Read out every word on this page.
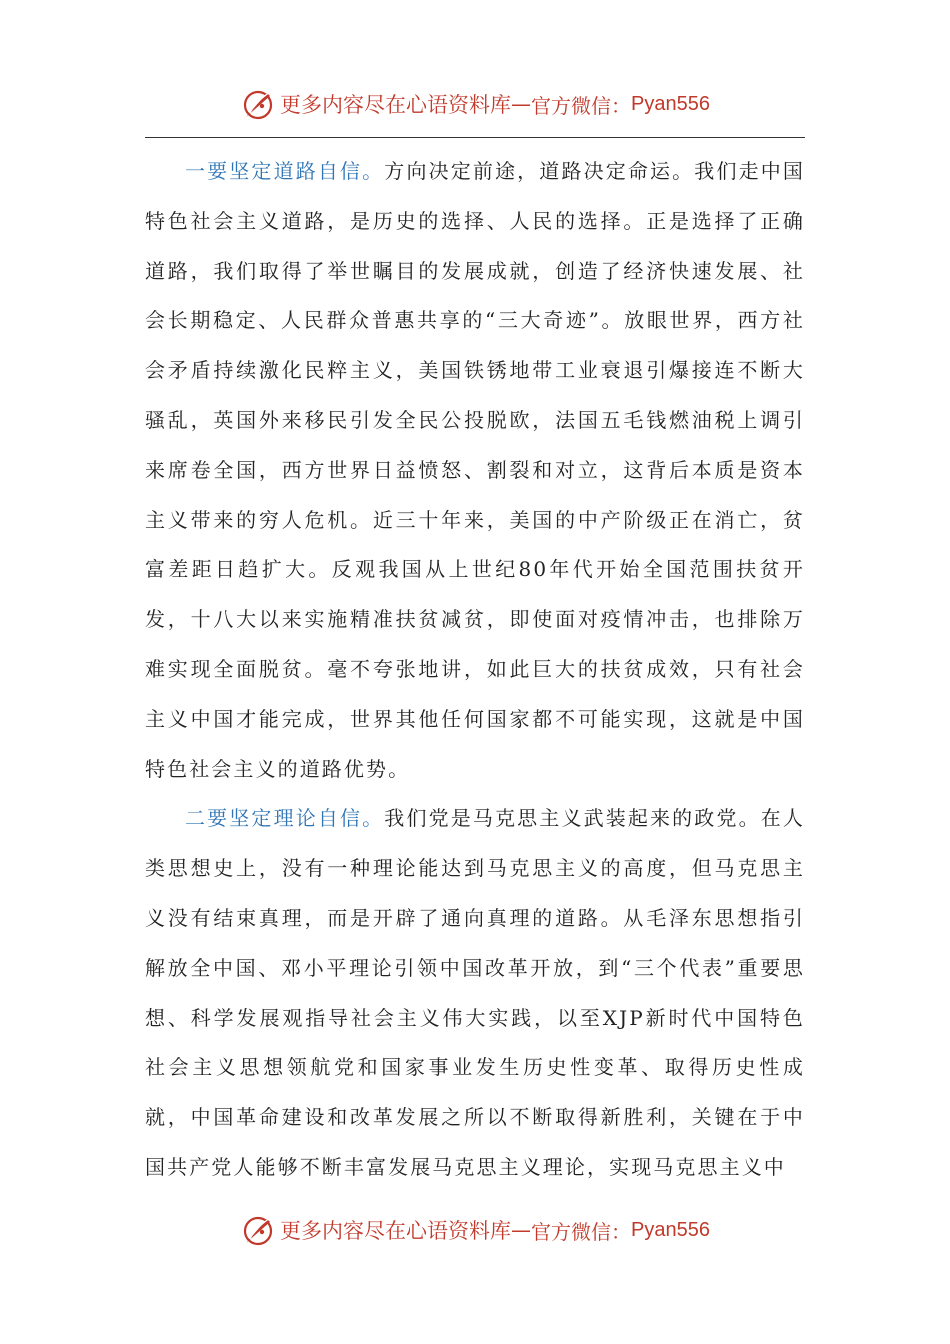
更多内容尽在心语资料库 — 官方微信： Pyan556

一要坚定道路自信。方向决定前途，道路决定命运。我们走中国特色社会主义道路，是历史的选择、人民的选择。正是选择了正确道路，我们取得了举世瞩目的发展成就，创造了经济快速发展、社会长期稳定、人民群众普惠共享的“三大奇迹”。放眼世界，西方社会矛盾持续激化民粹主义，美国铁锈地带工业衰退引爆接连不断大骚乱，英国外来移民引发全民公投脱欧，法国五毛钱燃油税上调引来席卷全国，西方世界日益愤怒、割裂和对立，这背后本质是资本主义带来的穷人危机。近三十年来，美国的中产阶级正在消亡，贫富差距日趋扩大。反观我国从上世纪80年代开始全国范围扶贫开发，十八大以来实施精准扶贫减贫，即使面对疫情冲击，也排除万难实现全面脱贫。毫不夸张地讲，如此巨大的扶贫成效，只有社会主义中国才能完成，世界其他任何国家都不可能实现，这就是中国特色社会主义的道路优势。

二要坚定理论自信。我们党是马克思主义武装起来的政党。在人类思想史上，没有一种理论能达到马克思主义的高度，但马克思主义没有结束真理，而是开辟了通向真理的道路。从毛泽东思想指引解放全中国、邓小平理论引领中国改革开放，到“三个代表”重要思想、科学发展观指导社会主义伟大实践，以至XJP新时代中国特色社会主义思想领航党和国家事业发生历史性变革、取得历史性成就，中国革命建设和改革发展之所以不断取得新胜利，关键在于中国共产党人能够不断丰富发展马克思主义理论，实现马克思主义中

更多内容尽在心语资料库 — 官方微信： Pyan556
